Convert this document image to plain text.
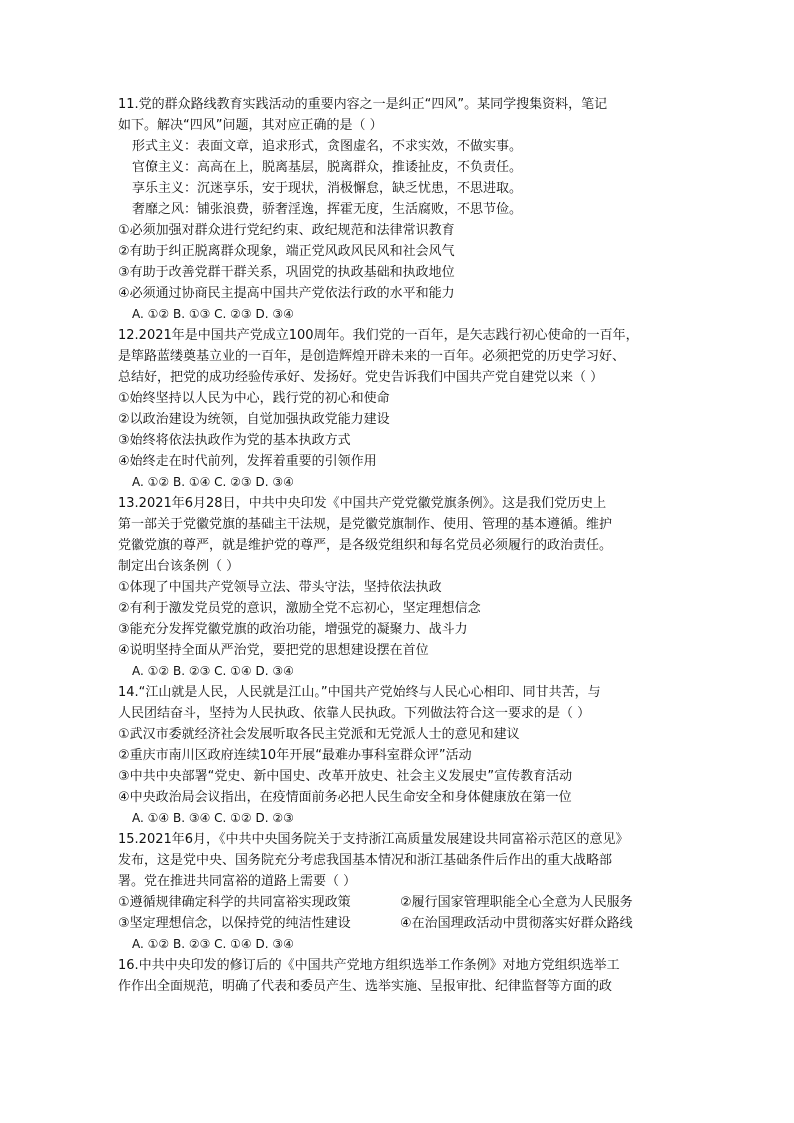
11.党的群众路线教育实践活动的重要内容之一是纠正“四风”。某同学搜集资料，笔记
如下。解决“四风”问题，其对应正确的是（ ）
形式主义：表面文章，追求形式，贪图虚名，不求实效，不做实事。
官僚主义：高高在上，脱离基层，脱离群众，推诿扯皮，不负责任。
享乐主义：沉迷享乐，安于现状，消极懈怠，缺乏忧患，不思进取。
奢靡之风：铺张浪费，骄奢淫逸，挥霍无度，生活腐败，不思节俭。
①必须加强对群众进行党纪约束、政纪规范和法律常识教育
②有助于纠正脱离群众现象，端正党风政风民风和社会风气
③有助于改善党群干群关系，巩固党的执政基础和执政地位
④必须通过协商民主提高中国共产党依法行政的水平和能力
A. ①② B. ①③ C. ②③ D. ③④
12.2021年是中国共产党成立100周年。我们党的一百年，是矢志践行初心使命的一百年，
是筚路蓝缕奠基立业的一百年，是创造辉煌开辟未来的一百年。必须把党的历史学习好、
总结好，把党的成功经验传承好、发扬好。党史告诉我们中国共产党自建党以来（ ）
①始终坚持以人民为中心，践行党的初心和使命
②以政治建设为统领，自觉加强执政党能力建设
③始终将依法执政作为党的基本执政方式
④始终走在时代前列，发挥着重要的引领作用
A. ①② B. ①④ C. ②③ D. ③④
13.2021年6月28日，中共中央印发《中国共产党党徽党旗条例》。这是我们党历史上
第一部关于党徽党旗的基础主干法规，是党徽党旗制作、使用、管理的基本遵循。维护
党徽党旗的尊严，就是维护党的尊严，是各级党组织和每名党员必须履行的政治责任。
制定出台该条例（ ）
①体现了中国共产党领导立法、带头守法，坚持依法执政
②有利于激发党员党的意识，激励全党不忘初心，坚定理想信念
③能充分发挥党徽党旗的政治功能，增强党的凝聚力、战斗力
④说明坚持全面从严治党，要把党的思想建设摆在首位
A. ①② B. ②③ C. ①④ D. ③④
14.“江山就是人民，人民就是江山。”中国共产党始终与人民心心相印、同甘共苦，与
人民团结奋斗，坚持为人民执政、依靠人民执政。下列做法符合这一要求的是（ ）
①武汉市委就经济社会发展听取各民主党派和无党派人士的意见和建议
②重庆市南川区政府连续10年开展“最难办事科室群众评”活动
③中共中央部署“党史、新中国史、改革开放史、社会主义发展史”宣传教育活动
④中央政治局会议指出，在疫情面前务必把人民生命安全和身体健康放在第一位
A. ①④ B. ③④ C. ①② D. ②③
15.2021年6月，《中共中央国务院关于支持浙江高质量发展建设共同富裕示范区的意见》
发布，这是党中央、国务院充分考虑我国基本情况和浙江基础条件后作出的重大战略部
署。党在推进共同富裕的道路上需要（ ）
①遵循规律确定科学的共同富裕实现政策	②履行国家管理职能全心全意为人民服务
③坚定理想信念，以保持党的纯洁性建设	④在治国理政活动中贯彻落实好群众路线
A. ①② B. ②③ C. ①④ D. ③④
16.中共中央印发的修订后的《中国共产党地方组织选举工作条例》对地方党组织选举工
作作出全面规范，明确了代表和委员产生、选举实施、呈报审批、纪律监督等方面的政
